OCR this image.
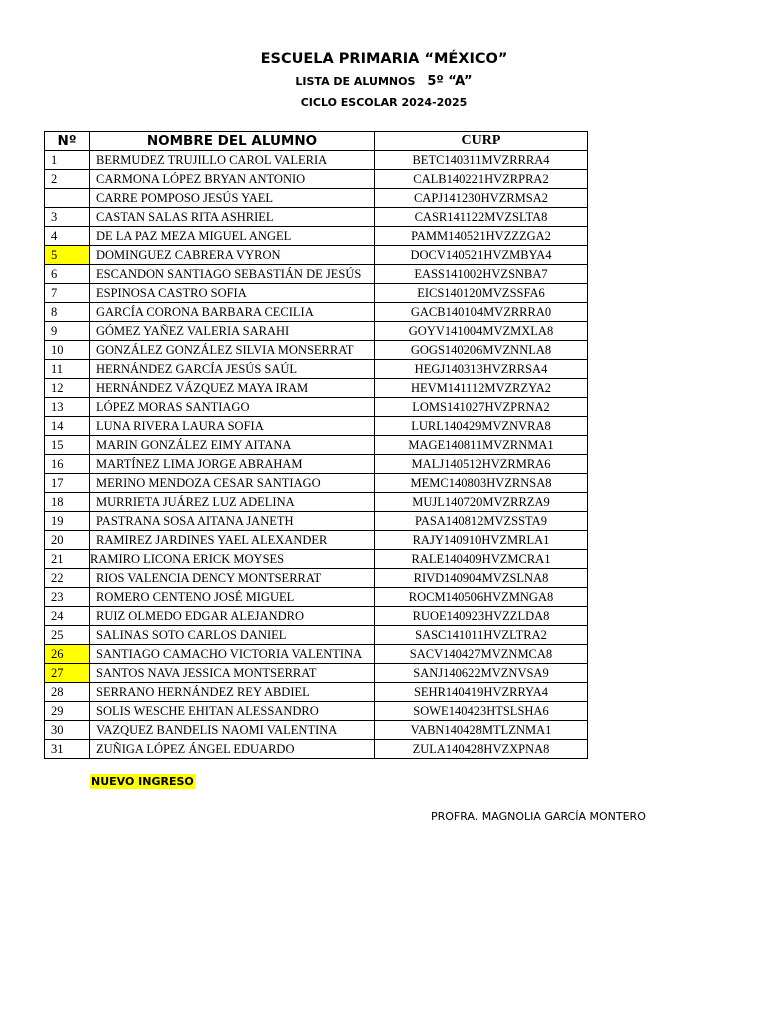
ESCUELA PRIMARIA “MÉXICO”
LISTA DE ALUMNOS 5º “A”
CICLO ESCOLAR 2024-2025
Nº	NOMBRE DEL ALUMNO	CURP
1	BERMUDEZ TRUJILLO CAROL VALERIA	BETC140311MVZRRRA4
2	CARMONA LÓPEZ BRYAN ANTONIO	CALB140221HVZRPRA2
	CARRE POMPOSO JESÚS YAEL	CAPJ141230HVZRMSA2
3	CASTAN SALAS RITA ASHRIEL	CASR141122MVZSLTA8
4	DE LA PAZ MEZA MIGUEL ANGEL	PAMM140521HVZZZGA2
5	DOMINGUEZ CABRERA VYRON	DOCV140521HVZMBYA4
6	ESCANDON SANTIAGO SEBASTIÁN DE JESÚS	EASS141002HVZSNBA7
7	ESPINOSA CASTRO SOFIA	EICS140120MVZSSFA6
8	GARCÍA CORONA BARBARA CECILIA	GACB140104MVZRRRA0
9	GÓMEZ YAÑEZ VALERIA SARAHI	GOYV141004MVZMXLA8
10	GONZÁLEZ GONZÁLEZ SILVIA MONSERRAT	GOGS140206MVZNNLA8
11	HERNÁNDEZ GARCÍA JESÚS SAÚL	HEGJ140313HVZRRSA4
12	HERNÁNDEZ VÁZQUEZ MAYA IRAM	HEVM141112MVZRZYA2
13	LÓPEZ MORAS SANTIAGO	LOMS141027HVZPRNA2
14	LUNA RIVERA LAURA SOFIA	LURL140429MVZNVRA8
15	MARIN GONZÁLEZ EIMY AITANA	MAGE140811MVZRNMA1
16	MARTÍNEZ LIMA JORGE ABRAHAM	MALJ140512HVZRMRA6
17	MERINO MENDOZA CESAR SANTIAGO	MEMC140803HVZRNSA8
18	MURRIETA JUÁREZ LUZ ADELINA	MUJL140720MVZRRZA9
19	PASTRANA SOSA AITANA JANETH	PASA140812MVZSSTA9
20	RAMIREZ JARDINES YAEL ALEXANDER	RAJY140910HVZMRLA1
21	RAMIRO LICONA ERICK MOYSES	RALE140409HVZMCRA1
22	RIOS VALENCIA DENCY MONTSERRAT	RIVD140904MVZSLNA8
23	ROMERO CENTENO JOSÉ MIGUEL	ROCM140506HVZMNGA8
24	RUIZ OLMEDO EDGAR ALEJANDRO	RUOE140923HVZZLDA8
25	SALINAS SOTO CARLOS DANIEL	SASC141011HVZLTRA2
26	SANTIAGO CAMACHO VICTORIA VALENTINA	SACV140427MVZNMCA8
27	SANTOS NAVA JESSICA MONTSERRAT	SANJ140622MVZNVSA9
28	SERRANO HERNÁNDEZ REY ABDIEL	SEHR140419HVZRRYA4
29	SOLIS WESCHE EHITAN ALESSANDRO	SOWE140423HTSLSHA6
30	VAZQUEZ BANDELIS NAOMI VALENTINA	VABN140428MTLZNMA1
31	ZUÑIGA LÓPEZ ÁNGEL EDUARDO	ZULA140428HVZXPNA8
NUEVO INGRESO
PROFRA. MAGNOLIA GARCÍA MONTERO
